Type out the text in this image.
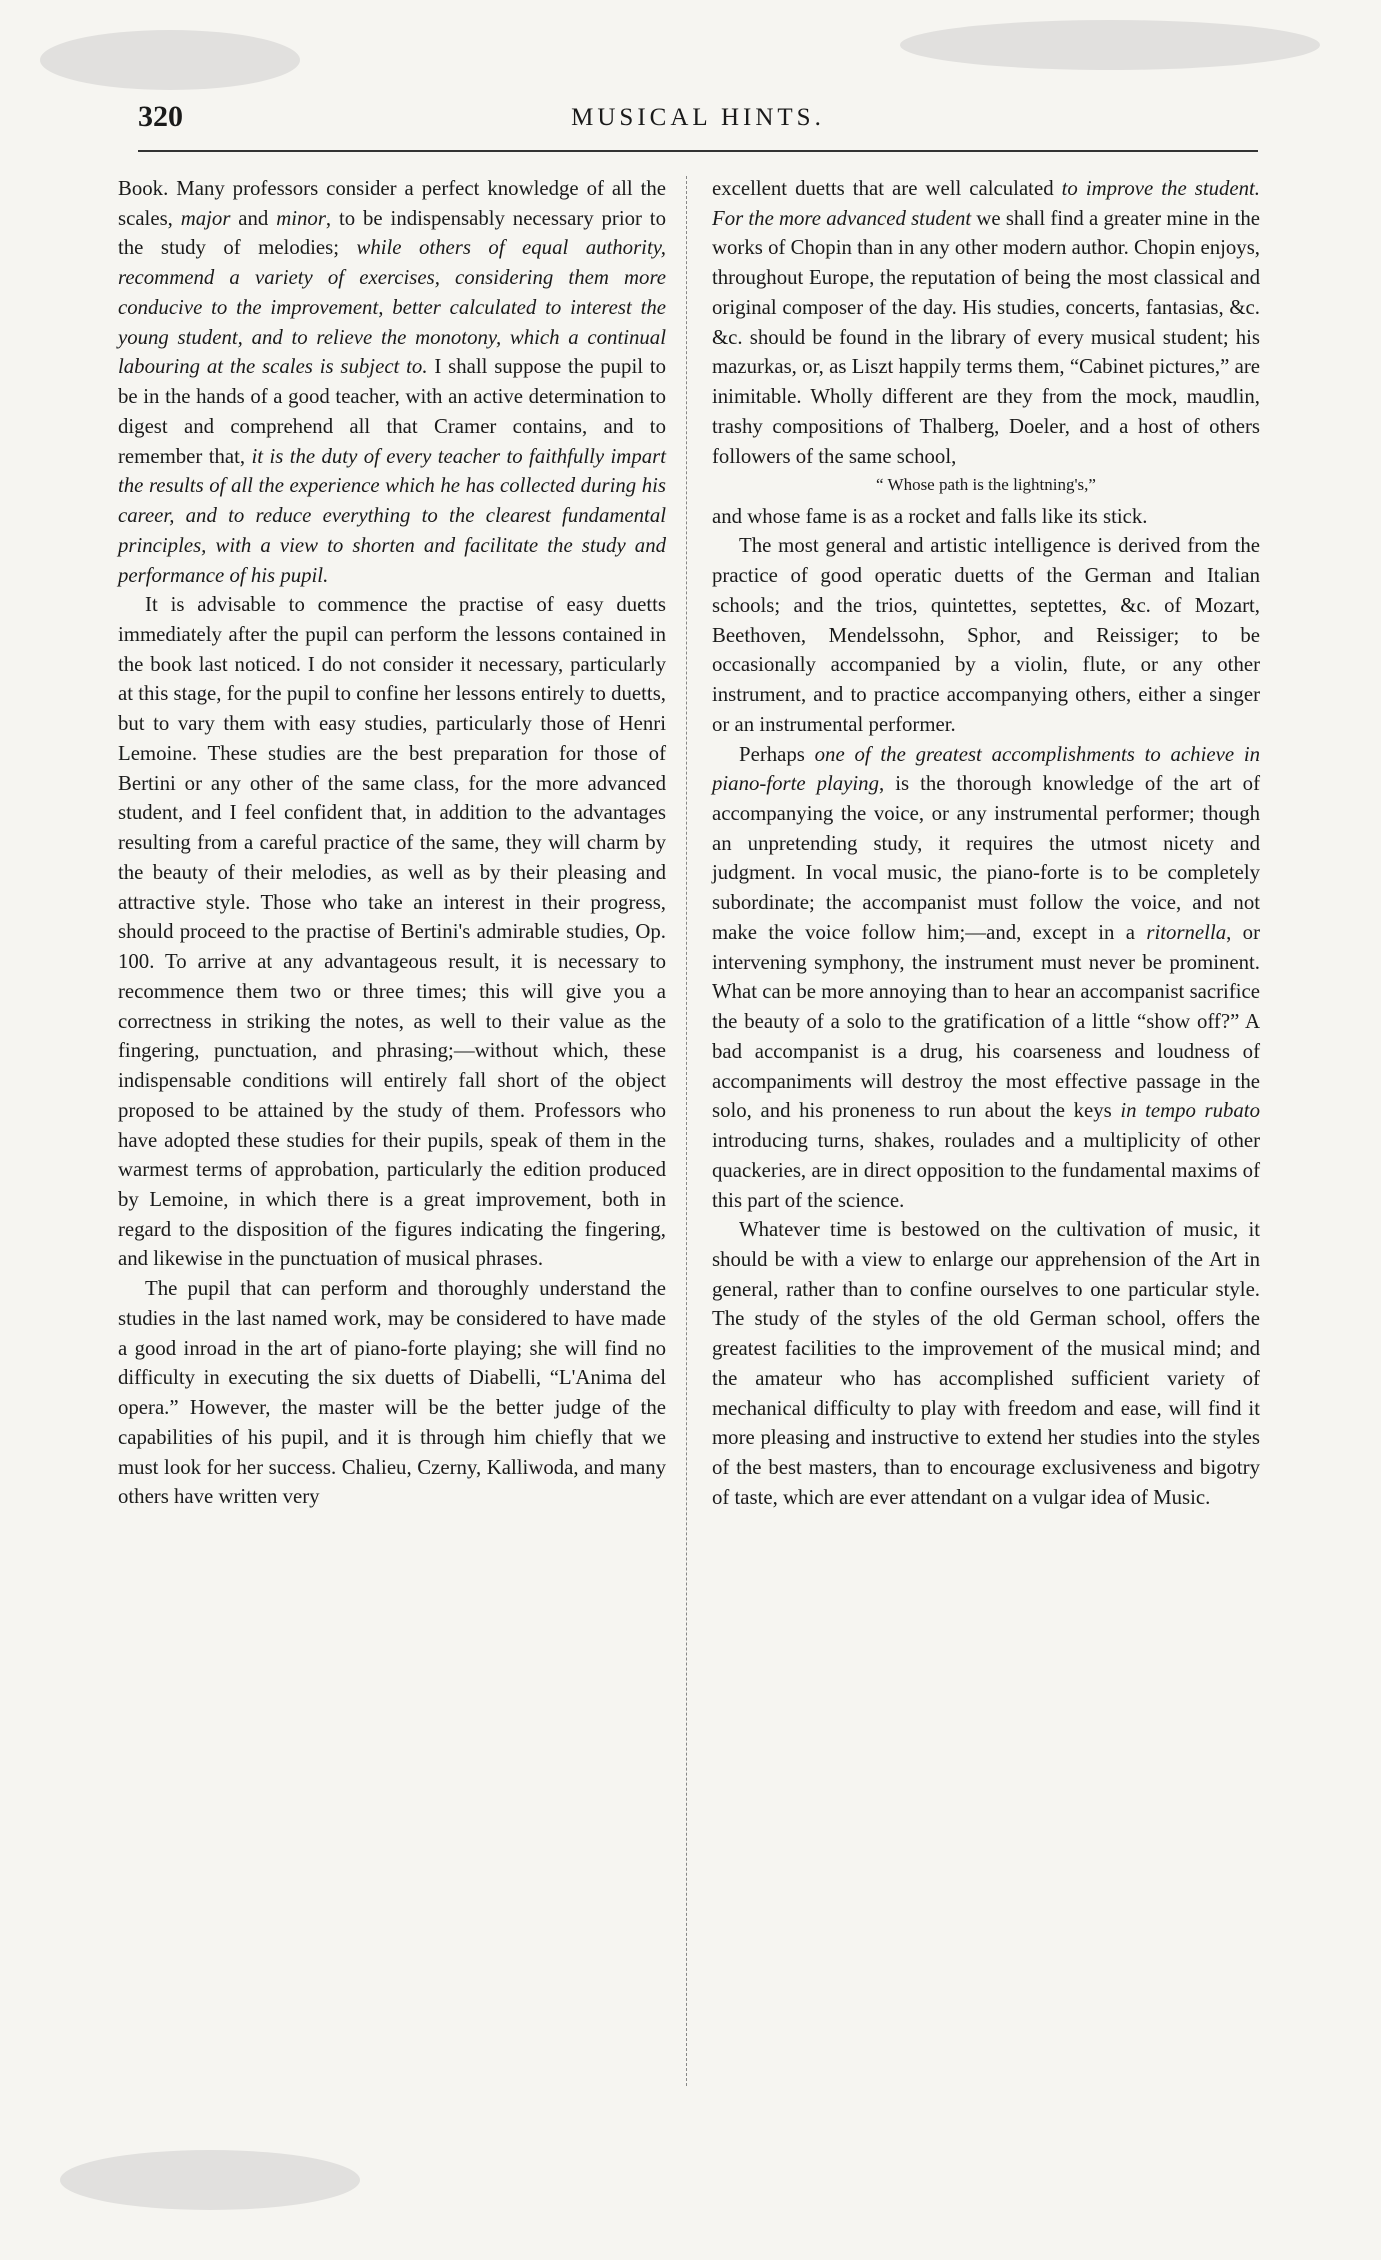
320	MUSICAL HINTS.

Book. Many professors consider a perfect knowledge of all the scales, major and minor, to be indispensably necessary prior to the study of melodies; while others of equal authority, recommend a variety of exercises, considering them more conducive to the improvement, better calculated to interest the young student, and to relieve the monotony, which a continual labouring at the scales is subject to. I shall suppose the pupil to be in the hands of a good teacher, with an active determination to digest and comprehend all that Cramer contains, and to remember that, it is the duty of every teacher to faithfully impart the results of all the experience which he has collected during his career, and to reduce everything to the clearest fundamental principles, with a view to shorten and facilitate the study and performance of his pupil.

It is advisable to commence the practise of easy duetts immediately after the pupil can perform the lessons contained in the book last noticed. I do not consider it necessary, particularly at this stage, for the pupil to confine her lessons entirely to duetts, but to vary them with easy studies, particularly those of Henri Lemoine. These studies are the best preparation for those of Bertini or any other of the same class, for the more advanced student, and I feel confident that, in addition to the advantages resulting from a careful practice of the same, they will charm by the beauty of their melodies, as well as by their pleasing and attractive style. Those who take an interest in their progress, should proceed to the practise of Bertini's admirable studies, Op. 100. To arrive at any advantageous result, it is necessary to recommence them two or three times; this will give you a correctness in striking the notes, as well to their value as the fingering, punctuation, and phrasing;—without which, these indispensable conditions will entirely fall short of the object proposed to be attained by the study of them. Professors who have adopted these studies for their pupils, speak of them in the warmest terms of approbation, particularly the edition produced by Lemoine, in which there is a great improvement, both in regard to the disposition of the figures indicating the fingering, and likewise in the punctuation of musical phrases.

The pupil that can perform and thoroughly understand the studies in the last named work, may be considered to have made a good inroad in the art of piano-forte playing; she will find no difficulty in executing the six duetts of Diabelli, “L'Anima del opera.” However, the master will be the better judge of the capabilities of his pupil, and it is through him chiefly that we must look for her success. Chalieu, Czerny, Kalliwoda, and many others have written very

excellent duetts that are well calculated to improve the student. For the more advanced student we shall find a greater mine in the works of Chopin than in any other modern author. Chopin enjoys, throughout Europe, the reputation of being the most classical and original composer of the day. His studies, concerts, fantasias, &c. &c. should be found in the library of every musical student; his mazurkas, or, as Liszt happily terms them, “Cabinet pictures,” are inimitable. Wholly different are they from the mock, maudlin, trashy compositions of Thalberg, Doeler, and a host of others followers of the same school,

“ Whose path is the lightning's,”

and whose fame is as a rocket and falls like its stick.

The most general and artistic intelligence is derived from the practice of good operatic duetts of the German and Italian schools; and the trios, quintettes, septettes, &c. of Mozart, Beethoven, Mendelssohn, Sphor, and Reissiger; to be occasionally accompanied by a violin, flute, or any other instrument, and to practice accompanying others, either a singer or an instrumental performer.

Perhaps one of the greatest accomplishments to achieve in piano-forte playing, is the thorough knowledge of the art of accompanying the voice, or any instrumental performer; though an unpretending study, it requires the utmost nicety and judgment. In vocal music, the piano-forte is to be completely subordinate; the accompanist must follow the voice, and not make the voice follow him;—and, except in a ritornella, or intervening symphony, the instrument must never be prominent. What can be more annoying than to hear an accompanist sacrifice the beauty of a solo to the gratification of a little “show off?” A bad accompanist is a drug, his coarseness and loudness of accompaniments will destroy the most effective passage in the solo, and his proneness to run about the keys in tempo rubato introducing turns, shakes, roulades and a multiplicity of other quackeries, are in direct opposition to the fundamental maxims of this part of the science.

Whatever time is bestowed on the cultivation of music, it should be with a view to enlarge our apprehension of the Art in general, rather than to confine ourselves to one particular style. The study of the styles of the old German school, offers the greatest facilities to the improvement of the musical mind; and the amateur who has accomplished sufficient variety of mechanical difficulty to play with freedom and ease, will find it more pleasing and instructive to extend her studies into the styles of the best masters, than to encourage exclusiveness and bigotry of taste, which are ever attendant on a vulgar idea of Music.
